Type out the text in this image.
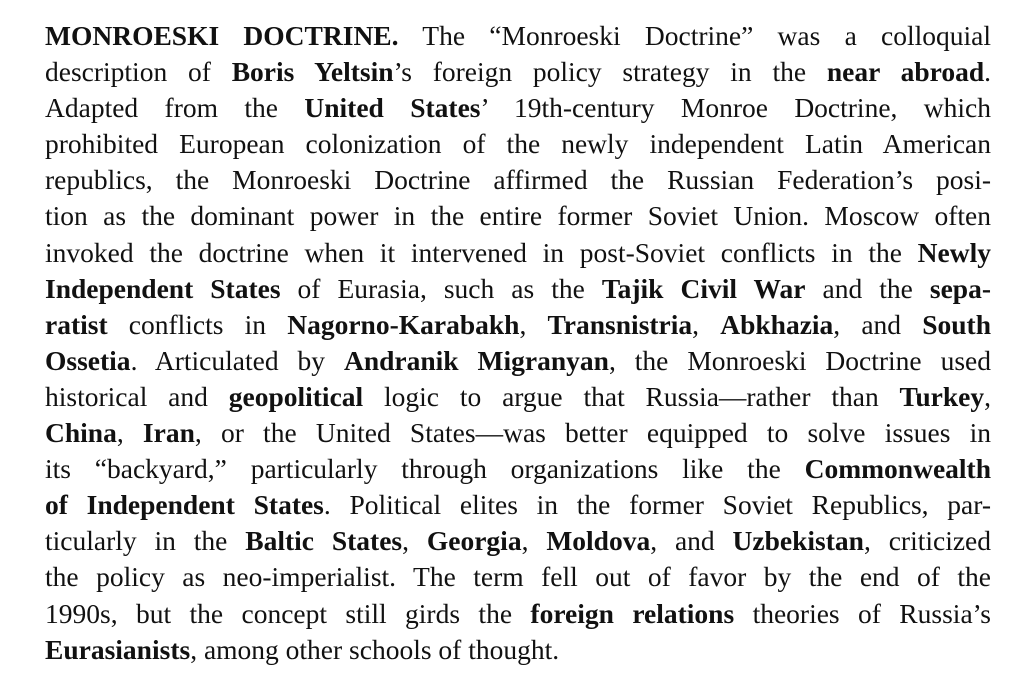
MONROESKI DOCTRINE. The “Monroeski Doctrine” was a colloquial
description of Boris Yeltsin’s foreign policy strategy in the near abroad.
Adapted from the United States’ 19th-century Monroe Doctrine, which
prohibited European colonization of the newly independent Latin American
republics, the Monroeski Doctrine affirmed the Russian Federation’s posi-
tion as the dominant power in the entire former Soviet Union. Moscow often
invoked the doctrine when it intervened in post-Soviet conflicts in the Newly
Independent States of Eurasia, such as the Tajik Civil War and the sepa-
ratist conflicts in Nagorno-Karabakh, Transnistria, Abkhazia, and South
Ossetia. Articulated by Andranik Migranyan, the Monroeski Doctrine used
historical and geopolitical logic to argue that Russia—rather than Turkey,
China, Iran, or the United States—was better equipped to solve issues in
its “backyard,” particularly through organizations like the Commonwealth
of Independent States. Political elites in the former Soviet Republics, par-
ticularly in the Baltic States, Georgia, Moldova, and Uzbekistan, criticized
the policy as neo-imperialist. The term fell out of favor by the end of the
1990s, but the concept still girds the foreign relations theories of Russia’s
Eurasianists, among other schools of thought.
